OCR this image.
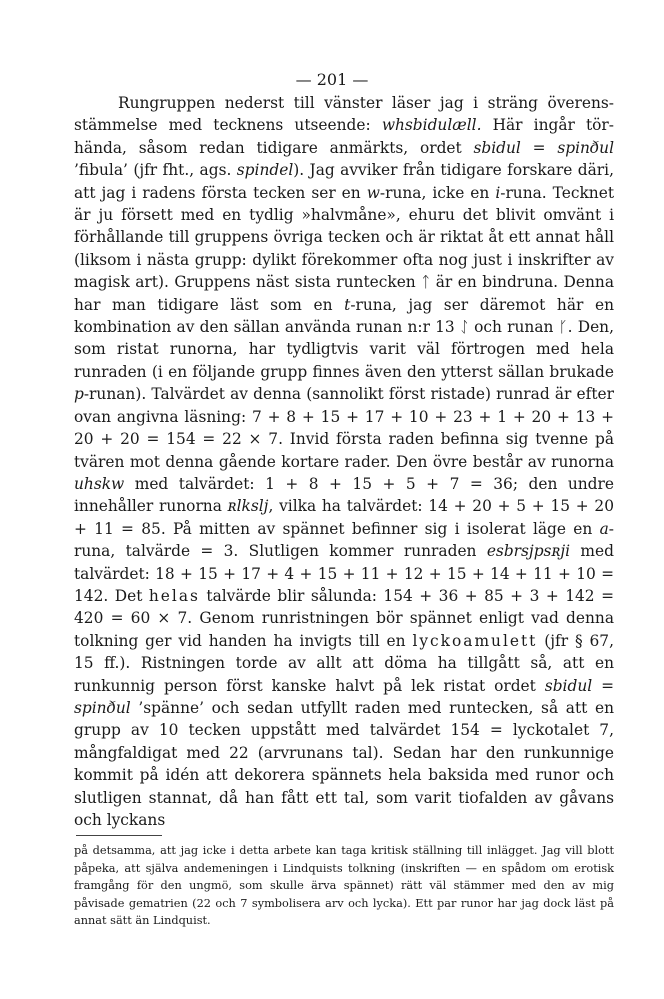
— 201 —

Rungruppen nederst till vänster läser jag i sträng överensstämmelse med tecknens utseende: whsbidulæll. Här ingår törhända, såsom redan tidigare anmärkts, ordet sbidul = spinðul ’fibula’ (jfr fht., ags. spindel). Jag avviker från tidigare forskare däri, att jag i radens första tecken ser en w-runa, icke en i-runa. Tecknet är ju försett med en tydlig »halvmåne», ehuru det blivit omvänt i förhållande till gruppens övriga tecken och är riktat åt ett annat håll (liksom i nästa grupp: dylikt förekommer ofta nog just i inskrifter av magisk art). Gruppens näst sista runtecken ᛏ är en bindruna. Denna har man tidigare läst som en t-runa, jag ser däremot här en kombination av den sällan använda runan n:r 13 ᛇ och runan ᚴ. Den, som ristat runorna, har tydligtvis varit väl förtrogen med hela runraden (i en följande grupp finnes även den ytterst sällan brukade p-runan). Talvärdet av denna (sannolikt först ristade) runrad är efter ovan angivna läsning: 7 + 8 + 15 + 17 + 10 + 23 + 1 + 20 + 13 + 20 + 20 = 154 = 22 × 7. Invid första raden befinna sig tvenne på tvären mot denna gående kortare rader. Den övre består av runorna uhskw med talvärdet: 1 + 8 + 15 + 5 + 7 = 36; den undre innehåller runorna ʀlkslj, vilka ha talvärdet: 14 + 20 + 5 + 15 + 20 + 11 = 85. På mitten av spännet befinner sig i isolerat läge en a-runa, talvärde = 3. Slutligen kommer runraden esbrsjpsʀji med talvärdet: 18 + 15 + 17 + 4 + 15 + 11 + 12 + 15 + 14 + 11 + 10 = 142. Det helas talvärde blir sålunda: 154 + 36 + 85 + 3 + 142 = 420 = 60 × 7. Genom runristningen bör spännet enligt vad denna tolkning ger vid handen ha invigts till en lyckoamulett (jfr § 67, 15 ff.). Ristningen torde av allt att döma ha tillgått så, att en runkunnig person först kanske halvt på lek ristat ordet sbidul = spinðul ’spänne’ och sedan utfyllt raden med runtecken, så att en grupp av 10 tecken uppstått med talvärdet 154 = lyckotalet 7, mångfaldigat med 22 (arvrunans tal). Sedan har den runkunnige kommit på idén att dekorera spännets hela baksida med runor och slutligen stannat, då han fått ett tal, som varit tiofalden av gåvans och lyckans

på detsamma, att jag icke i detta arbete kan taga kritisk ställning till inlägget. Jag vill blott påpeka, att själva andemeningen i Lindquists tolkning (inskriften — en spådom om erotisk framgång för den ungmö, som skulle ärva spännet) rätt väl stämmer med den av mig påvisade gematrien (22 och 7 symbolisera arv och lycka). Ett par runor har jag dock läst på annat sätt än Lindquist.
